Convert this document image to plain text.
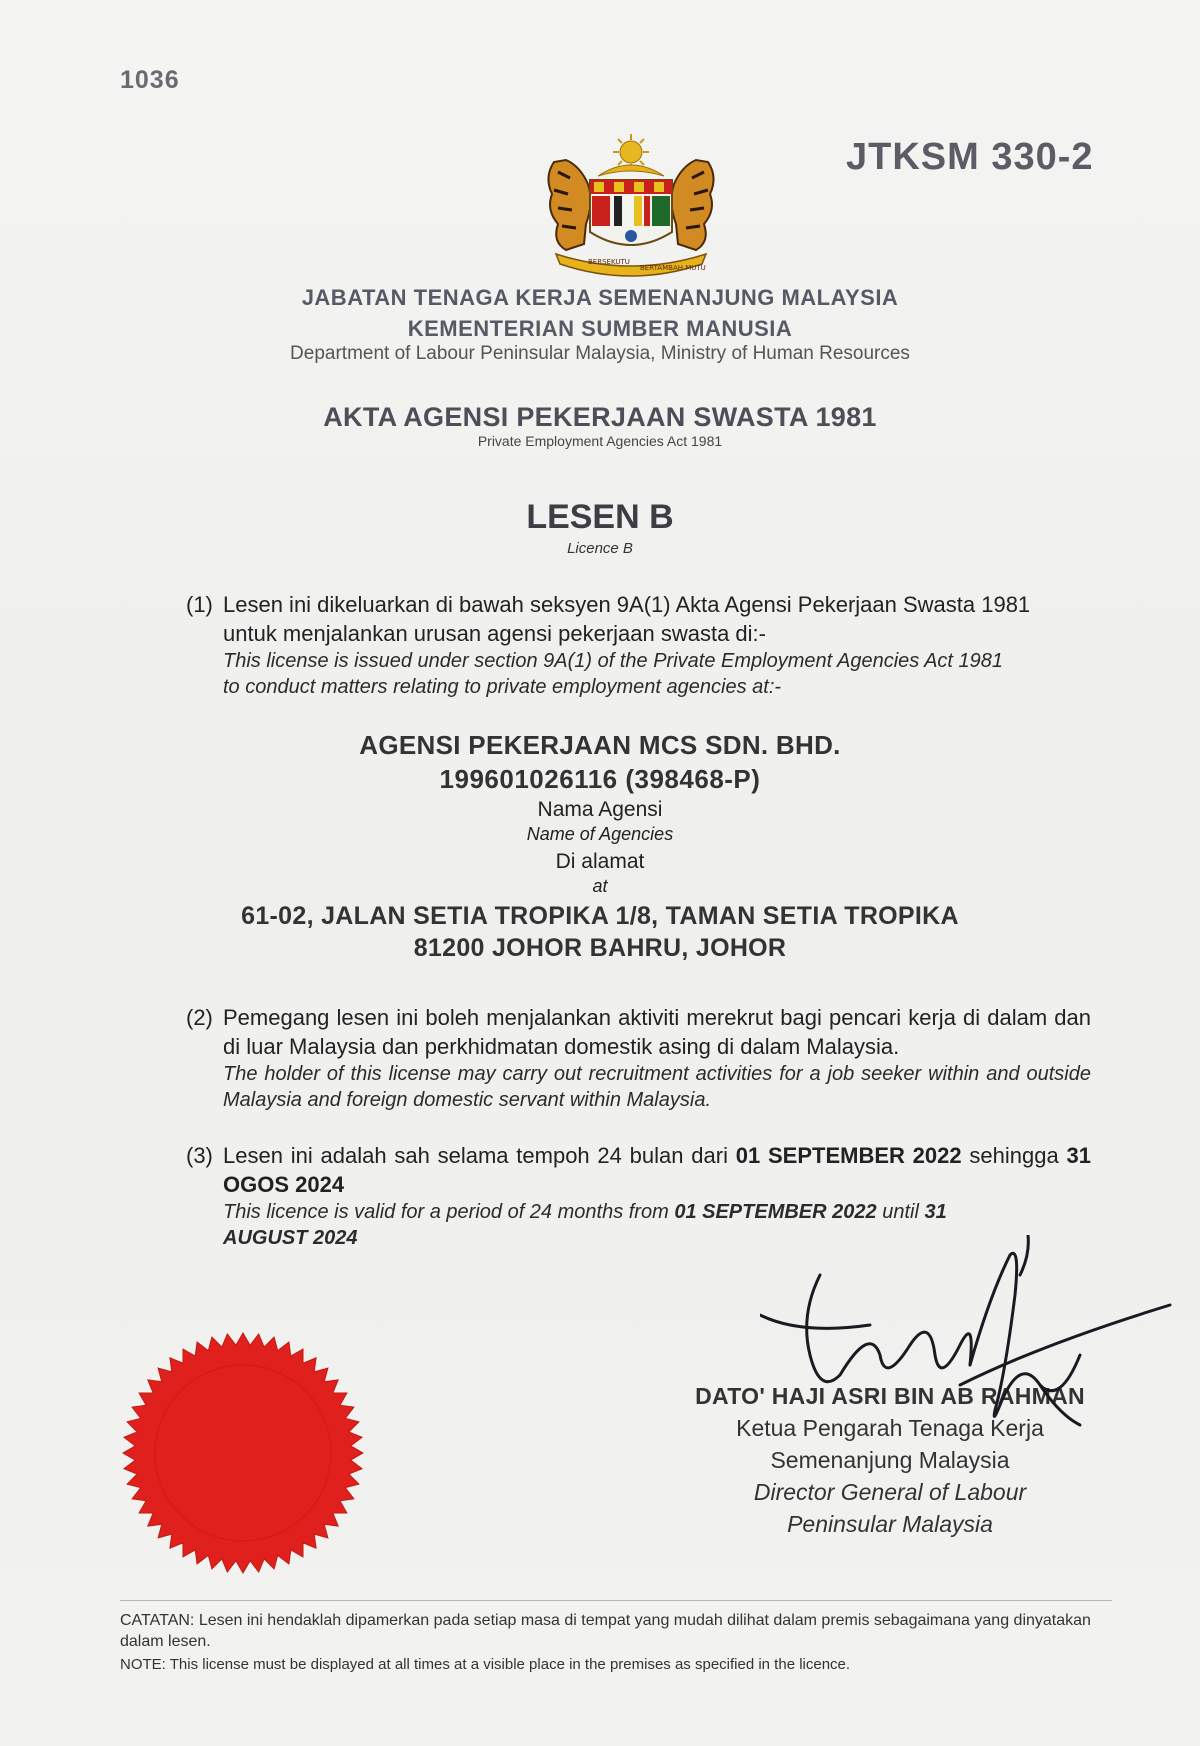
1036
JTKSM 330-2
BERSEKUTU
BERTAMBAH MUTU
JABATAN TENAGA KERJA SEMENANJUNG MALAYSIA
KEMENTERIAN SUMBER MANUSIA
Department of Labour Peninsular Malaysia, Ministry of Human Resources
AKTA AGENSI PEKERJAAN SWASTA 1981
Private Employment Agencies Act 1981
LESEN B
Licence B
(1) Lesen ini dikeluarkan di bawah seksyen 9A(1) Akta Agensi Pekerjaan Swasta 1981
untuk menjalankan urusan agensi pekerjaan swasta di:-
This license is issued under section 9A(1) of the Private Employment Agencies Act 1981
to conduct matters relating to private employment agencies at:-
AGENSI PEKERJAAN MCS SDN. BHD.
199601026116 (398468-P)
Nama Agensi
Name of Agencies
Di alamat
at
61-02, JALAN SETIA TROPIKA 1/8, TAMAN SETIA TROPIKA
81200 JOHOR BAHRU, JOHOR
(2) Pemegang lesen ini boleh menjalankan aktiviti merekrut bagi pencari kerja di dalam dan di luar Malaysia dan perkhidmatan domestik asing di dalam Malaysia.
The holder of this license may carry out recruitment activities for a job seeker within and outside Malaysia and foreign domestic servant within Malaysia.
(3) Lesen ini adalah sah selama tempoh 24 bulan dari 01 SEPTEMBER 2022 sehingga 31 OGOS 2024
This licence is valid for a period of 24 months from 01 SEPTEMBER 2022 until 31 AUGUST 2024
DATO' HAJI ASRI BIN AB RAHMAN
Ketua Pengarah Tenaga Kerja
Semenanjung Malaysia
Director General of Labour
Peninsular Malaysia
CATATAN: Lesen ini hendaklah dipamerkan pada setiap masa di tempat yang mudah dilihat dalam premis sebagaimana yang dinyatakan dalam lesen.
NOTE: This license must be displayed at all times at a visible place in the premises as specified in the licence.
